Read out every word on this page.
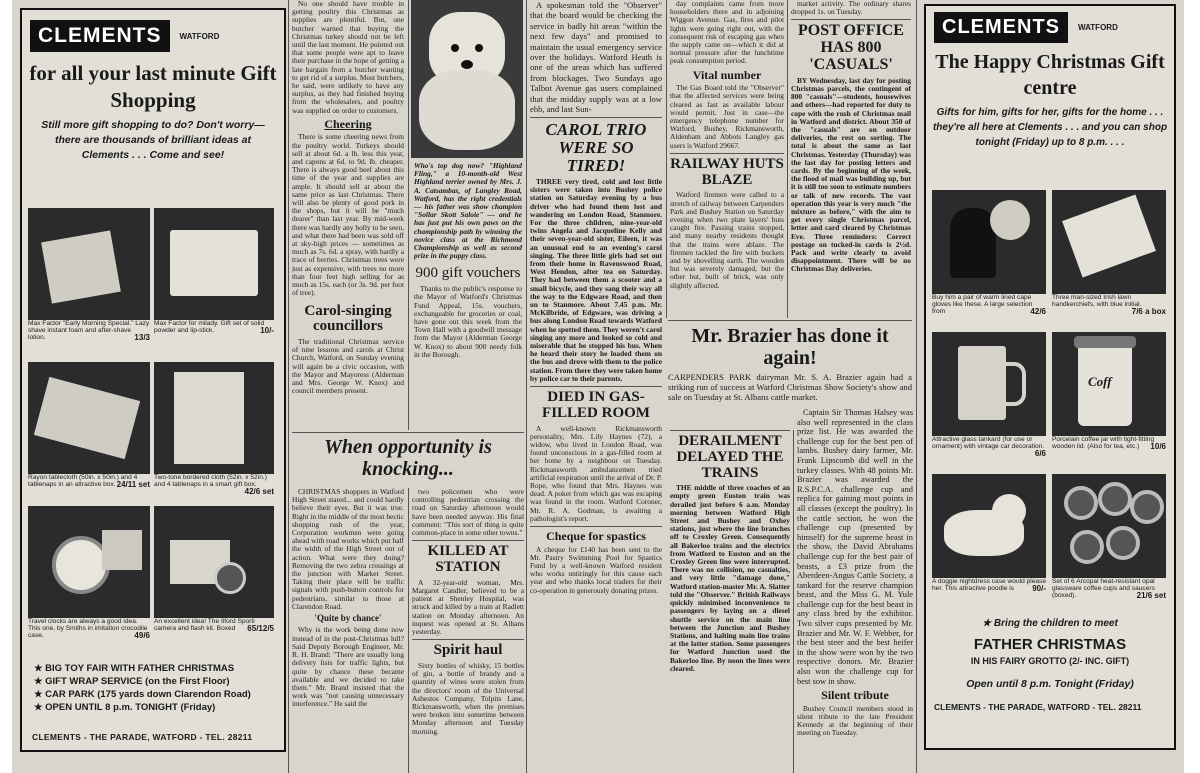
CLEMENTS	WATFORD
for all your last minute Gift Shopping
Still more gift shopping to do? Don't worry—there are thousands of brilliant ideas at Clements . . . Come and see!
Max Factor "Early Morning Special." Lazy shave instant foam and after-shave lotion.	13/3
Max Factor for milady. Gift set of solid powder and lip-stick.	10/-
Rayon tablecloth (50in. x 50in.) and 4 tablenaps in an attractive box. 24/11 set
Two-tone bordered cloth (52in. x 52in.) and 4 tablenaps in a smart gift box.
42/6 set
Travel clocks are always a good idea. This one, by Smiths in imitation crocodile case.	49/6
An excellent idea! The Ilford Sporti camera and flash kit. Boxed 65/12/5
★ BIG TOY FAIR WITH FATHER CHRISTMAS
★ GIFT WRAP SERVICE (on the First Floor)
★ CAR PARK (175 yards down Clarendon Road)
★ OPEN UNTIL 8 p.m. TONIGHT (Friday)
CLEMENTS - THE PARADE, WATFORD - TEL. 28211

No one should have trouble in getting poultry this Christmas as supplies are plentiful. But, one butcher warned that buying the Christmas turkey should not be left until the last moment. He pointed out that some people were apt to leave their purchase in the hope of getting a late bargain from a butcher wanting to get rid of a surplus. Most butchers, he said, were unlikely to have any surplus, as they had finished buying from the wholesalers, and poultry was supplied on order to customers.

Cheering

There is some cheering news from the poultry world. Turkeys should sell at about 6d. a lb. less this year, and capons at 6d. to 9d. lb. cheaper. There is always good beef about this time of the year and supplies are ample. It should sell at about the same price as last Christmas. There will also be plenty of good pork in the shops, but it will be "much dearer" than last year. By mid-week there was hardly any holly to be seen, and what there had been was sold off at sky-high prices — sometimes as much as 7s. 6d. a spray, with hardly a trace of berries. Christmas trees were just as expensive, with trees no more than four feet high selling for as much as 15s. each (or 3s. 9d. per foot of tree).

Carol-singing councillors

The traditional Christmas service of nine lessons and carols at Christ Church, Watford, on Sunday evening will again be a civic occasion, with the Mayor and Mayoress (Alderman and Mrs. George W. Knox) and council members present.

Who's top dog now? "Highland Fling," a 10-month-old West Highland terrier owned by Mrs. J. A. Catsambas, of Langley Road, Watford, has the right credentials — his father was show champion "Sollar Skott Saloie" — and he has just put his own paws on the championship path by winning the novice class at the Richmond Championship as well as second prize in the puppy class.

900 gift vouchers

Thanks to the public's response to the Mayor of Watford's Christmas Fund Appeal, 15s. vouchers, exchangeable for groceries or coal, have gone out this week from the Town Hall with a goodwill message from the Mayor (Alderman George W. Knox) to about 900 needy folk in the Borough.

A spokesman told the "Observer" that the board would be checking the service in badly hit areas "within the next few days" and promised to maintain the usual emergency service over the holidays. Watford Heath is one of the areas which has suffered from blockages. Two Sundays ago Talbot Avenue gas users complained that the midday supply was at a low ebb, and last Sun-

CAROL TRIO WERE SO TIRED!

THREE very tired, cold and lost little sisters were taken into Bushey police station on Saturday evening by a bus driver who had found them lost and wandering on London Road, Stanmore. For the three children, nine-year-old twins Angela and Jacqueline Kelly and their seven-year-old sister, Eileen, it was an unusual end to an evening's carol singing. The three little girls had set out from their home in Ravenswood Road, West Hendon, after tea on Saturday. They had between them a scooter and a small bicycle, and they sang their way all the way to the Edgware Road, and then on to Stanmore. About 7.45 p.m. Mr. McKilbride, of Edgware, was driving a bus along London Road towards Watford when he spotted them. They weren't carol singing any more and looked so cold and miserable that he stopped his bus. When he heard their story he loaded them on the bus and drove with them to the police station. From there they were taken home by police car to their parents.

DIED IN GAS-FILLED ROOM

A well-known Rickmansworth personality, Mrs. Lily Haynes (72), a widow, who lived in London Road, was found unconscious in a gas-filled room at her home by a neighbour on Tuesday. Rickmansworth ambulancemen tried artificial respiration until the arrival of Dr. P. Rope, who found that Mrs. Haynes was dead. A poker from which gas was escaping was found in the room. Watford Coroner, Mr. R. A. Godman, is awaiting a pathologist's report.

Cheque for spastics

A cheque for £140 has been sent to the Mr. Pastry Swimming Pool for Spastics Fund by a well-known Watford resident who works untiringly for this cause each year and who thanks local traders for their co-operation in generously donating prizes.

day complaints came from more householders there and in adjoining Wiggon Avenue. Gas, fires and pilot lights were going right out, with the consequent risk of escaping gas when the supply came on—which it did at normal pressure after the lunchtime peak consumption period.

Vital number

The Gas Board told the "Observer" that the affected services were being cleared as fast as available labour would permit. Just in case—the emergency telephone number for Watford, Bushey, Rickmansworth, Aldenham and Abbots Langley gas users is Watford 29667.

RAILWAY HUTS BLAZE

Watford firemen were called to a stretch of railway between Carpenders Park and Bushey Station on Saturday evening when two plate layers' huts caught fire. Passing trains stopped, and many nearby residents thought that the trains were ablaze. The firemen tackled the fire with buckets and by shovelling earth. The wooden hut was severely damaged, but the other hut, built of brick, was only slightly affected.

market activity. The ordinary shares dropped 1s. on Tuesday.

POST OFFICE HAS 800 'CASUALS'

BY Wednesday, last day for posting Christmas parcels, the contingent of 800 "casuals"—students, housewives and others—had reported for duty to cope with the rush of Christmas mail in Watford and district. About 350 of the "casuals" are on outdoor deliveries, the rest on sorting. The total is about the same as last Christmas. Yesterday (Thursday) was the last day for posting letters and cards. By the beginning of the week, the flood of mail was building up, but it is still too soon to estimate numbers or talk of new records. The vast operation this year is very much "the mixture as before," with the aim to get every single Christmas parcel, letter and card cleared by Christmas Eve. Three reminders: Correct postage on tucked-in cards is 2½d. Pack and write clearly to avoid disappointment. There will be no Christmas Day deliveries.

Mr. Brazier has done it again!
CARPENDERS PARK dairyman Mr. S. A. Brazier again had a striking run of success at Watford Christmas Show Society's show and sale on Tuesday at St. Albans cattle market.
DERAILMENT DELAYED THE TRAINS

THE middle of three coaches of an empty green Euston train was derailed just before 6 a.m. Monday morning between Watford High Street and Bushey and Oxhey stations, just where the line branches off to Croxley Green. Consequently all Bakerloo trains and the electrics from Watford to Euston and on the Croxley Green line were interrupted. There was no collision, no casualties, and very little "damage done," Watford station-master Mr. A. Slatter told the "Observer." British Railways quickly minimised inconvenience to passengers by laying on a diesel shuttle service on the main line between the Junction and Bushey Stations, and halting main line trains at the latter station. Some passengers for Watford Junction used the Bakerloo line. By noon the lines were cleared.

Captain Sir Thomas Halsey was also well represented in the class prize list. He was awarded the challenge cup for the best pen of lambs. Bushey dairy farmer, Mr. Frank Lipscomb did well in the turkey classes. With 48 points Mr. Brazier was awarded the R.S.P.C.A. challenge cup and replica for gaining most points in all classes (except the poultry). In the cattle section, he won the challenge cup (presented by himself) for the supreme beast in the show, the David Abrahams challenge cup for the best pair of beasts, a £3 prize from the Aberdeen-Angus Cattle Society, a tankard for the reserve champion beast, and the Miss G. M. Yule challenge cup for the best beast in any class bred by the exhibitor. Two silver cups presented by Mr. Brazier and Mr. W. F. Webber, for the best steer and the best heifer in the show were won by the two respective donors. Mr. Brazier also won the challenge cup for best sow in show.

Silent tribute

Bushey Council members stood in silent tribute to the late President Kennedy at the beginning of their meeting on Tuesday.

When opportunity is knocking...

CHRISTMAS shoppers in Watford High Street stared... and could hardly believe their eyes. But it was true. Right in the middle of the most hectic shopping rush of the year, Corporation workmen were going ahead with road works which put half the width of the High Street out of action. What were they doing? Removing the two zebra crossings at the junction with Market Street. Taking their place will be traffic signals with push-button controls for pedestrians, similar to those at Clarendon Road.

'Quite by chance'

Why is the work being done now instead of in the post-Christmas lull? Said Deputy Borough Engineer, Mr. R. H. Brand: "There are usually long delivery lists for traffic lights, but quite by chance these became available and we decided to take them." Mr. Brand insisted that the work was "not causing unnecessary interference." He said the

two policemen who were controlling pedestrian crossing the road on Saturday afternoon would have been needed anyway. His final comment: "This sort of thing is quite common-place in some other towns."

KILLED AT STATION

A 32-year-old woman, Mrs. Margaret Candler, believed to be a patient at Shenley Hospital, was struck and killed by a train at Radlett station on Monday afternoon. An inquest was opened at St. Albans yesterday.

Spirit haul

Sixty bottles of whisky, 15 bottles of gin, a bottle of brandy and a quantity of wines were stolen from the directors' room of the Universal Asbestos Company, Tolpits Lane, Rickmansworth, when the premises were broken into sometime between Monday afternoon and Tuesday morning.

CLEMENTS	WATFORD
The Happy Christmas Gift centre
Gifts for him, gifts for her, gifts for the home . . . they're all here at Clements . . . and you can shop tonight (Friday) up to 8 p.m. . . .
Buy him a pair of warm lined cape gloves like these. A large selection from	42/6
Three man-sized Irish lawn handkerchiefs, with blue initial.
7/6 a box
Attractive glass tankard (for use or ornament) with vintage car decoration.
6/6
Coff
Porcelain coffee jar with tight-fitting wooden lid. (Also for tea, etc.) 10/6
A doggie nightdress case would please her. This attractive poodle is 90/-
Set of 6 Arcopal heat-resistant opal glassware coffee cups and saucers (boxed).	21/6 set
★ Bring the children to meet
FATHER CHRISTMAS
IN HIS FAIRY GROTTO (2/- INC. GIFT)
Open until 8 p.m. Tonight (Friday)
CLEMENTS - THE PARADE, WATFORD - TEL. 28211
